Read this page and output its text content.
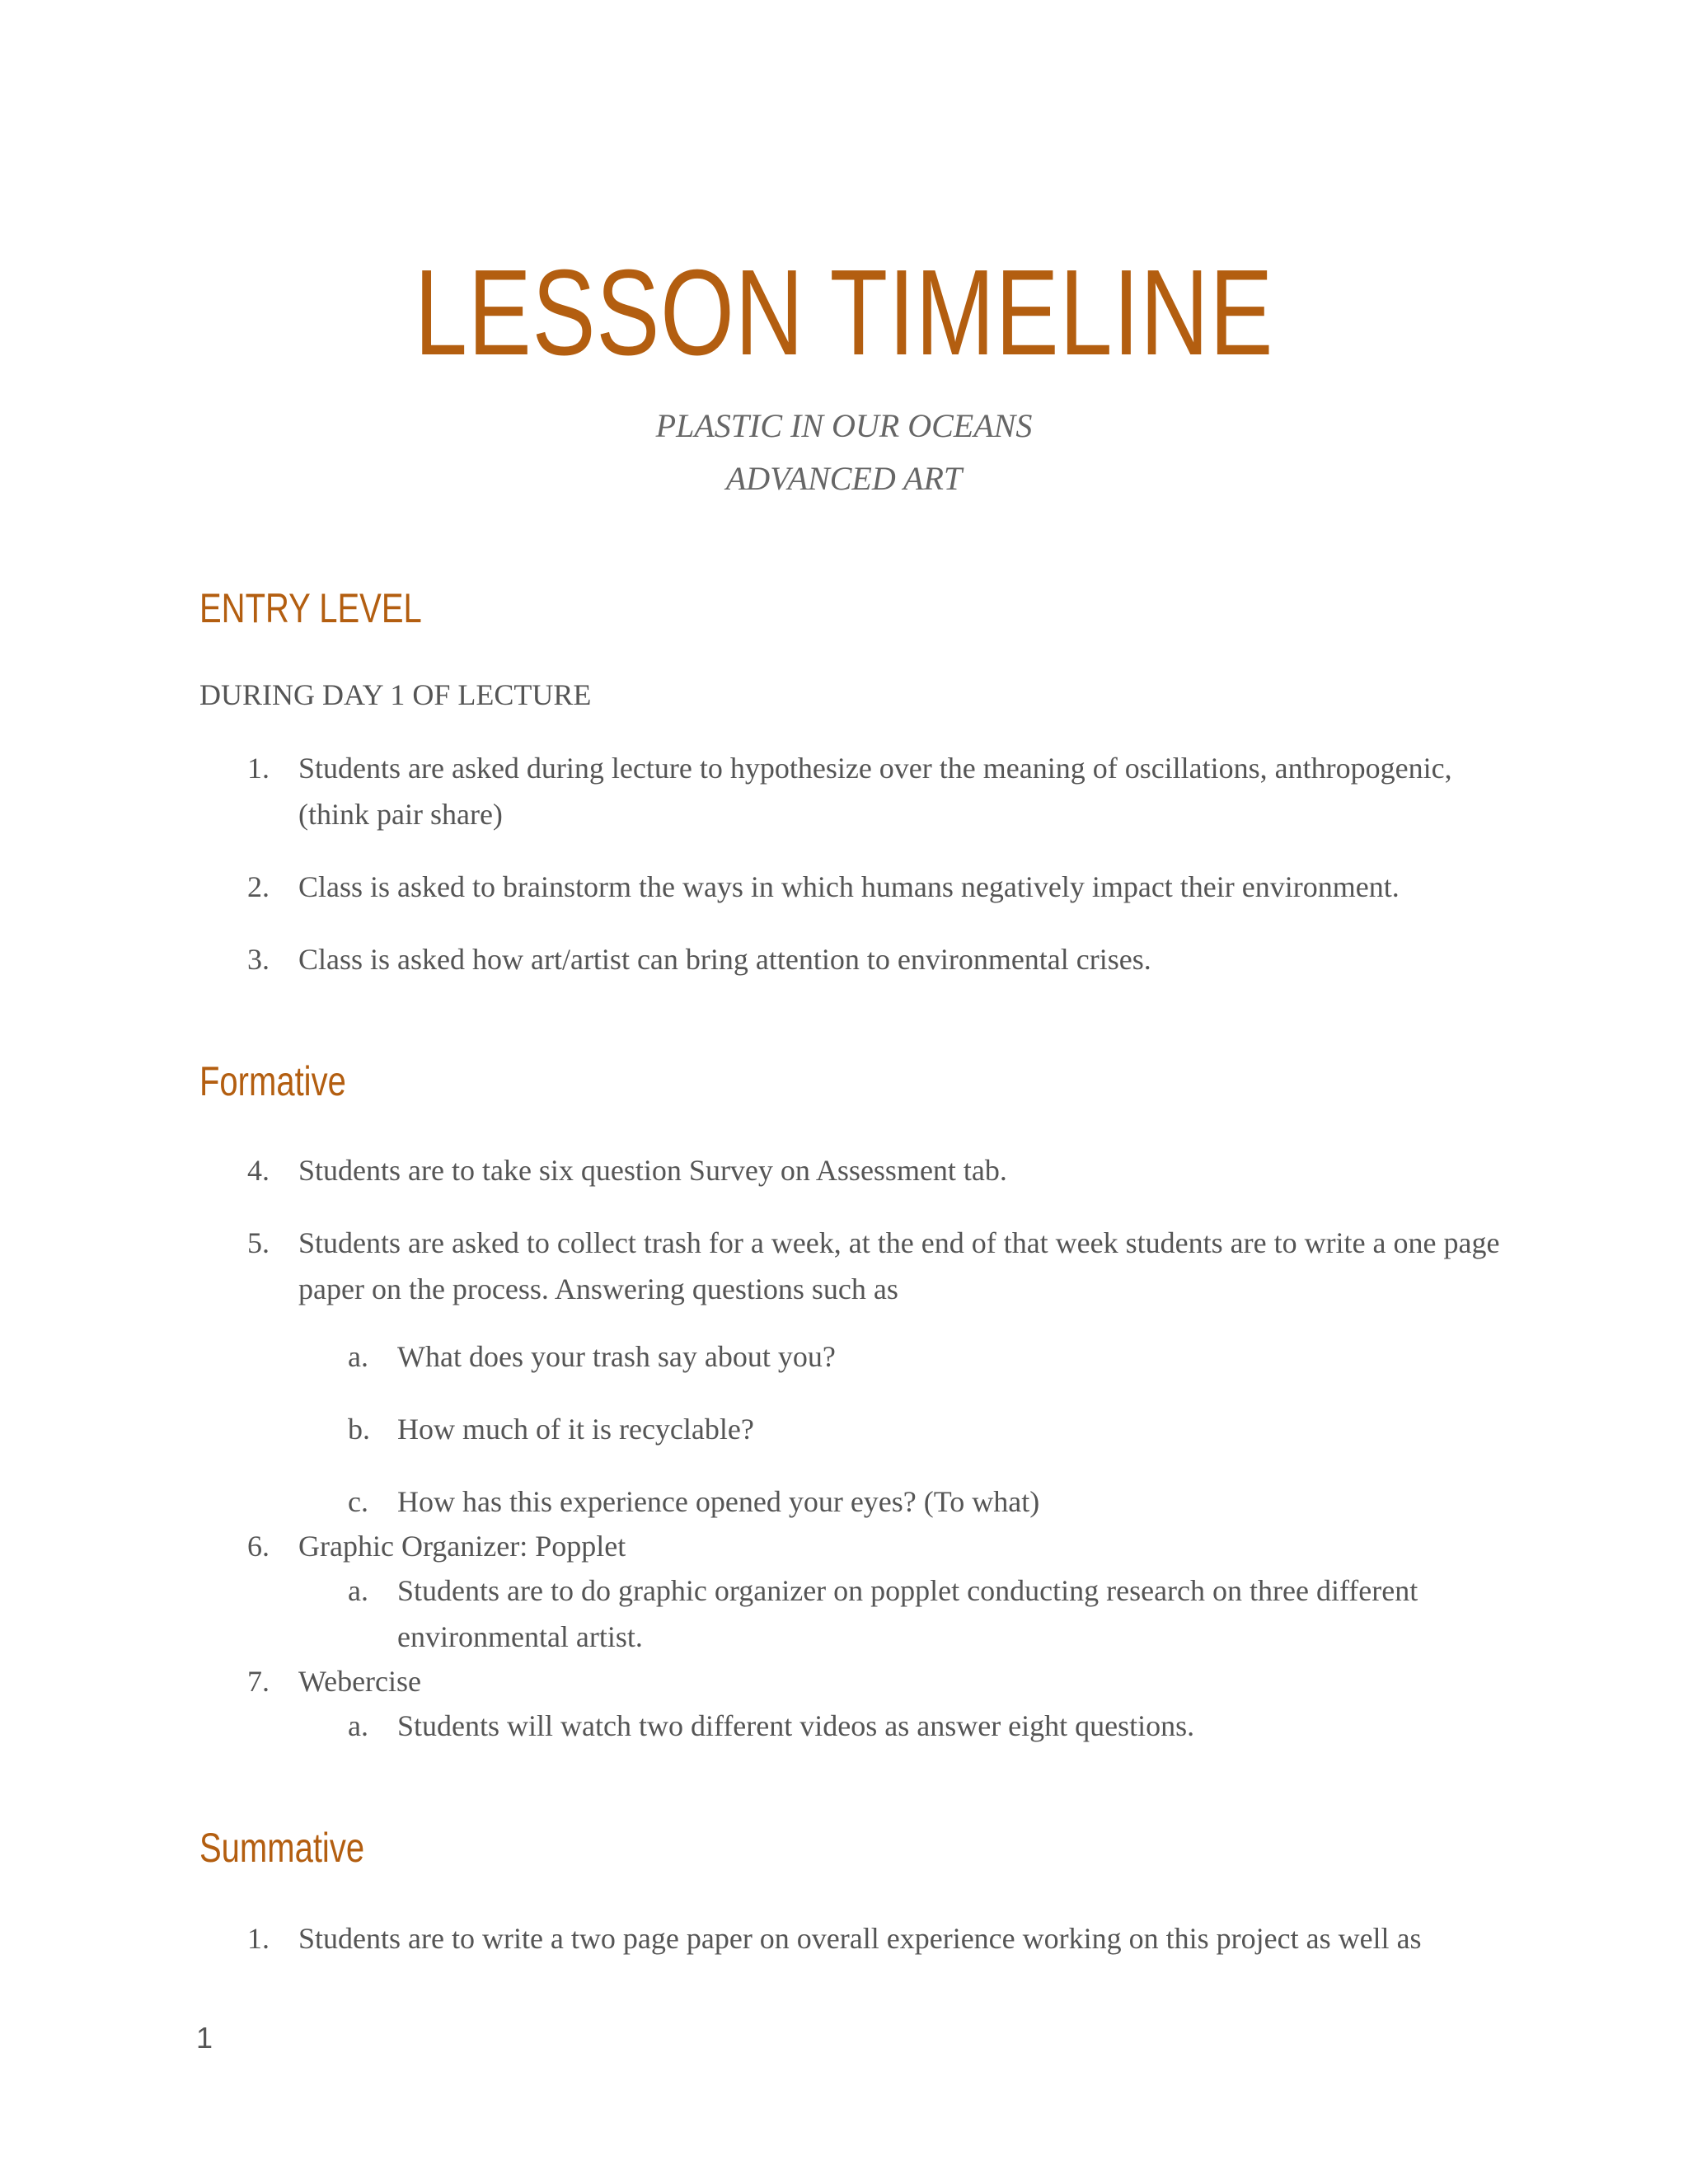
LESSON TIMELINE

PLASTIC IN OUR OCEANS

ADVANCED ART

ENTRY LEVEL

DURING DAY 1 OF LECTURE

1. Students are asked during lecture to hypothesize over the meaning of oscillations, anthropogenic, (think pair share)
2. Class is asked to brainstorm the ways in which humans negatively impact their environment.
3. Class is asked how art/artist can bring attention to environmental crises.
Formative
4. Students are to take six question Survey on Assessment tab.
5. Students are asked to collect trash for a week, at the end of that week students are to write a one page paper on the process. Answering questions such as
a. What does your trash say about you?
b. How much of it is recyclable?
c. How has this experience opened your eyes? (To what)
6. Graphic Organizer: Popplet
a. Students are to do graphic organizer on popplet conducting research on three different environmental artist.
7. Webercise
a. Students will watch two different videos as answer eight questions.
Summative
1. Students are to write a two page paper on overall experience working on this project as well as

1
